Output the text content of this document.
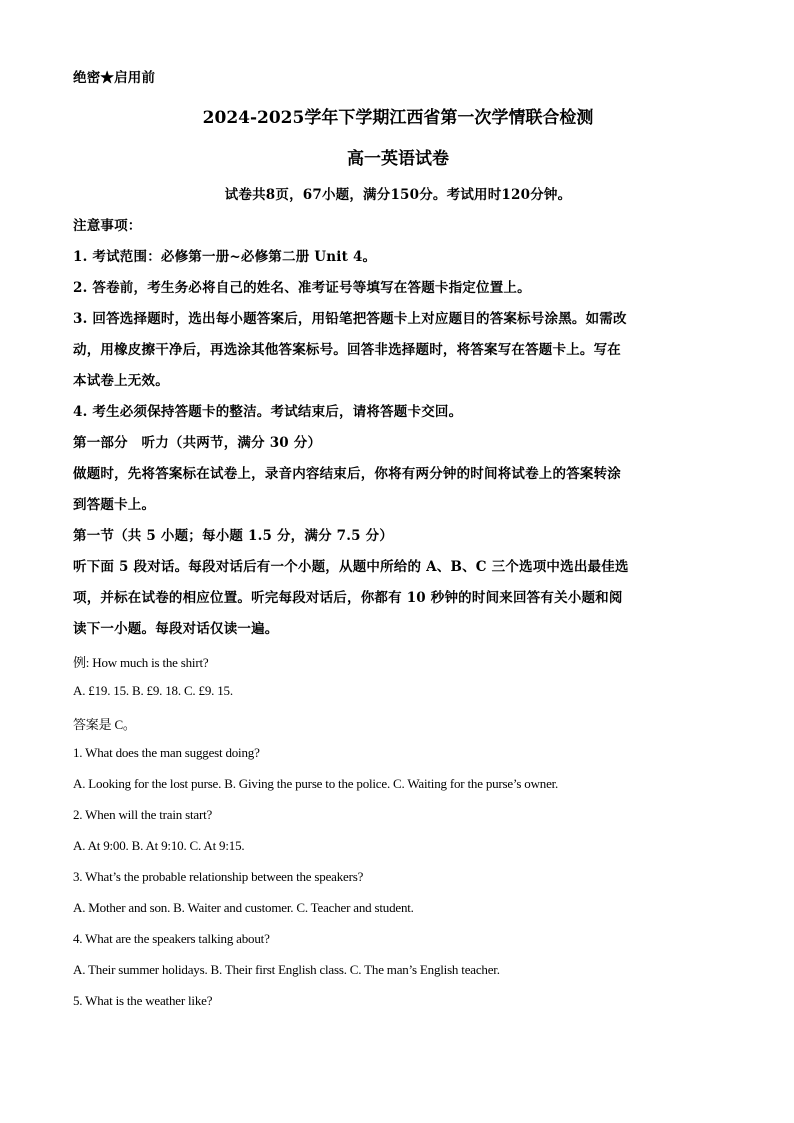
绝密★启用前
2024-2025学年下学期江西省第一次学情联合检测
高一英语试卷
试卷共8页，67小题，满分150分。考试用时120分钟。
注意事项：
1. 考试范围：必修第一册~必修第二册 Unit 4。
2. 答卷前，考生务必将自己的姓名、准考证号等填写在答题卡指定位置上。
3. 回答选择题时，选出每小题答案后，用铅笔把答题卡上对应题目的答案标号涂黑。如需改
动，用橡皮擦干净后，再选涂其他答案标号。回答非选择题时，将答案写在答题卡上。写在
本试卷上无效。
4. 考生必须保持答题卡的整洁。考试结束后，请将答题卡交回。
第一部分　听力（共两节，满分 30 分）
做题时，先将答案标在试卷上，录音内容结束后，你将有两分钟的时间将试卷上的答案转涂
到答题卡上。
第一节（共 5 小题；每小题 1.5 分，满分 7.5 分）
听下面 5 段对话。每段对话后有一个小题，从题中所给的 A、B、C 三个选项中选出最佳选
项，并标在试卷的相应位置。听完每段对话后，你都有 10 秒钟的时间来回答有关小题和阅
读下一小题。每段对话仅读一遍。
例: How much is the shirt?
A. £19. 15. B. £9. 18. C. £9. 15.
答案是 C。
1. What does the man suggest doing?
A. Looking for the lost purse. B. Giving the purse to the police. C. Waiting for the purse’s owner.
2. When will the train start?
A. At 9:00. B. At 9:10. C. At 9:15.
3. What’s the probable relationship between the speakers?
A. Mother and son. B. Waiter and customer. C. Teacher and student.
4. What are the speakers talking about?
A. Their summer holidays. B. Their first English class. C. The man’s English teacher.
5. What is the weather like?
